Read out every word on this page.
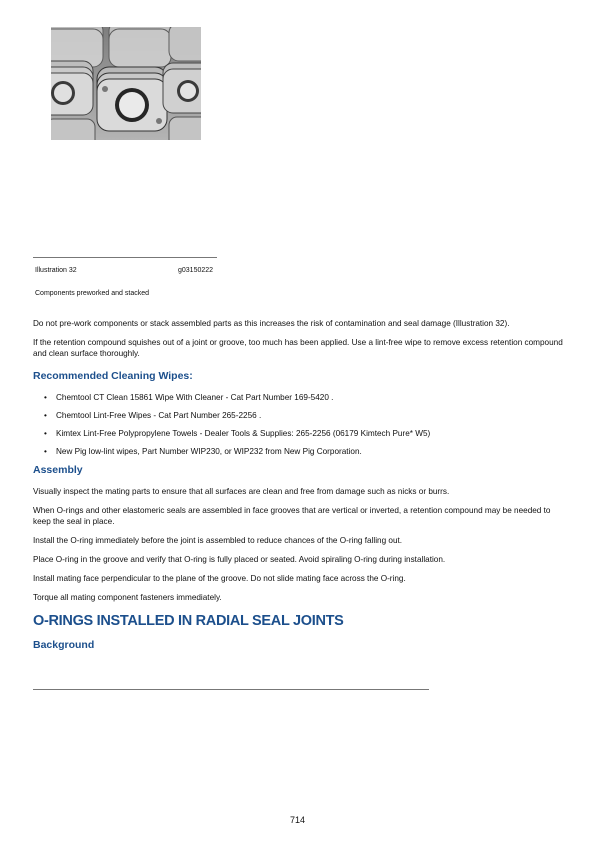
Illustration 32	g03150222
Components preworked and stacked

Do not pre-work components or stack assembled parts as this increases the risk of contamination and seal damage (Illustration 32).

If the retention compound squishes out of a joint or groove, too much has been applied. Use a lint-free wipe to remove excess retention compound and clean surface thoroughly.

Recommended Cleaning Wipes:
• Chemtool CT Clean 15861 Wipe With Cleaner - Cat Part Number 169-5420 .
• Chemtool Lint-Free Wipes - Cat Part Number 265-2256 .
• Kimtex Lint-Free Polypropylene Towels - Dealer Tools & Supplies: 265-2256 (06179 Kimtech Pure* W5)
• New Pig low-lint wipes, Part Number WIP230, or WIP232 from New Pig Corporation.
Assembly

Visually inspect the mating parts to ensure that all surfaces are clean and free from damage such as nicks or burrs.

When O-rings and other elastomeric seals are assembled in face grooves that are vertical or inverted, a retention compound may be needed to keep the seal in place.

Install the O-ring immediately before the joint is assembled to reduce chances of the O-ring falling out.

Place O-ring in the groove and verify that O-ring is fully placed or seated. Avoid spiraling O-ring during installation.

Install mating face perpendicular to the plane of the groove. Do not slide mating face across the O-ring.

Torque all mating component fasteners immediately.

O-RINGS INSTALLED IN RADIAL SEAL JOINTS
Background
714
